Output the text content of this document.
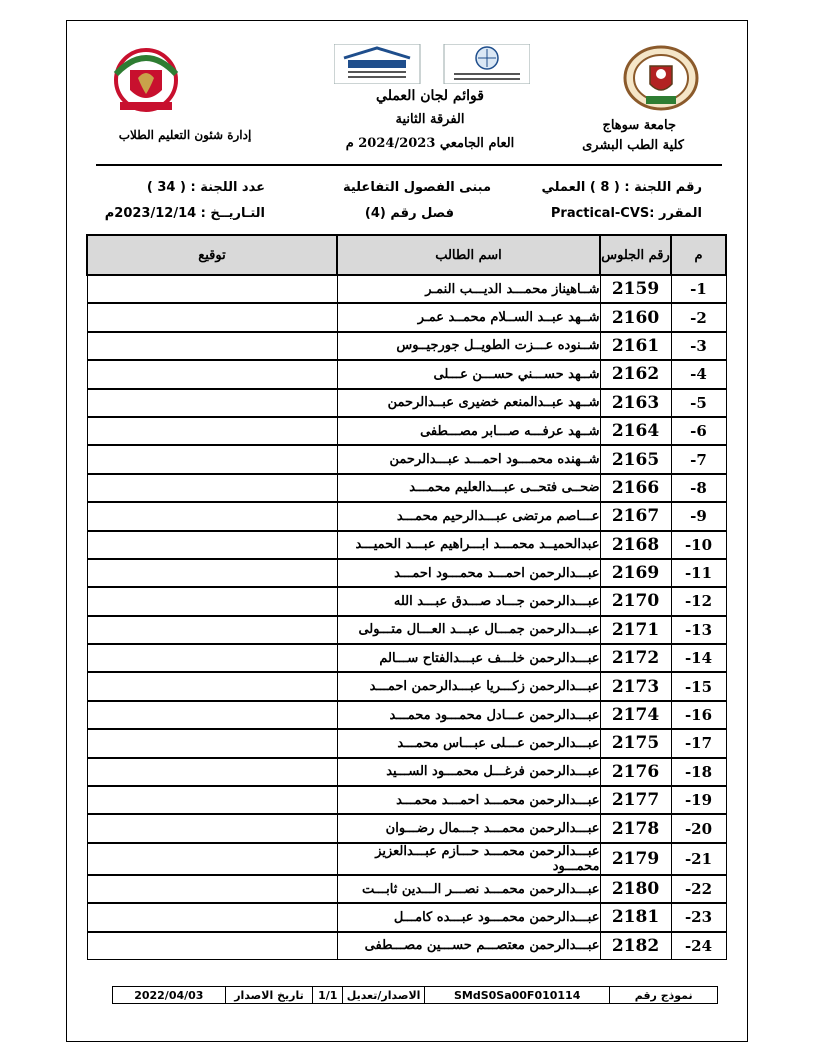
جامعة سوهاج
كلية الطب البشرى
قوائم لجان العملي
الفرقة الثانية
العام الجامعي 2024/2023 م
إدارة شئون التعليم الطلاب
رقم اللجنة : ( 8 ) العملي
مبنى الفصول التفاعلية
عدد اللجنة : ( 34 )
المقرر :Practical-CVS
فصل رقم (4)
التـاريــخ : 2023/12/14م
م	رقم الجلوس	اسم الطالب	توقيع
-1	2159	شــاهيناز محمـــد الديـــب النمـر	
-2	2160	شــهد عبــد الســلام محمــد عمـر	
-3	2161	شــنوده عـــزت الطويــل جورجيــوس	
-4	2162	شــهد حســـني حســـن عـــلى	
-5	2163	شــهد عبــدالمنعم خضيرى عبــدالرحمن	
-6	2164	شــهد عرفـــه صـــابر مصـــطفى	
-7	2165	شــهنده محمـــود احمـــد عبـــدالرحمن	
-8	2166	ضحــى فتحــى عبـــدالعليم محمـــد	
-9	2167	عـــاصم مرتضى عبـــدالرحيم محمـــد	
-10	2168	عبدالحميــد محمـــد ابـــراهيم عبـــد الحميـــد	
-11	2169	عبـــدالرحمن احمـــد محمـــود احمـــد	
-12	2170	عبـــدالرحمن جـــاد صـــدق عبـــد الله	
-13	2171	عبـــدالرحمن جمـــال عبـــد العـــال متـــولى	
-14	2172	عبـــدالرحمن خلـــف عبـــدالفتاح ســـالم	
-15	2173	عبـــدالرحمن زكـــريا عبـــدالرحمن احمـــد	
-16	2174	عبـــدالرحمن عـــادل محمـــود محمـــد	
-17	2175	عبـــدالرحمن عـــلى عبـــاس محمـــد	
-18	2176	عبـــدالرحمن فرغـــل محمـــود الســـيد	
-19	2177	عبـــدالرحمن محمـــد احمـــد محمـــد	
-20	2178	عبـــدالرحمن محمـــد جـــمال رضـــوان	
-21	2179	عبـــدالرحمن محمـــد حـــازم عبـــدالعزيز محمـــود	
-22	2180	عبـــدالرحمن محمـــد نصـــر الـــدين ثابـــت	
-23	2181	عبـــدالرحمن محمـــود عبـــده كامـــل	
-24	2182	عبـــدالرحمن معتصـــم حســـين مصـــطفى	
نموذج رقم
SMdS0Sa00F010114
الاصدار/تعديل
1/1
تاريخ الاصدار
2022/04/03
